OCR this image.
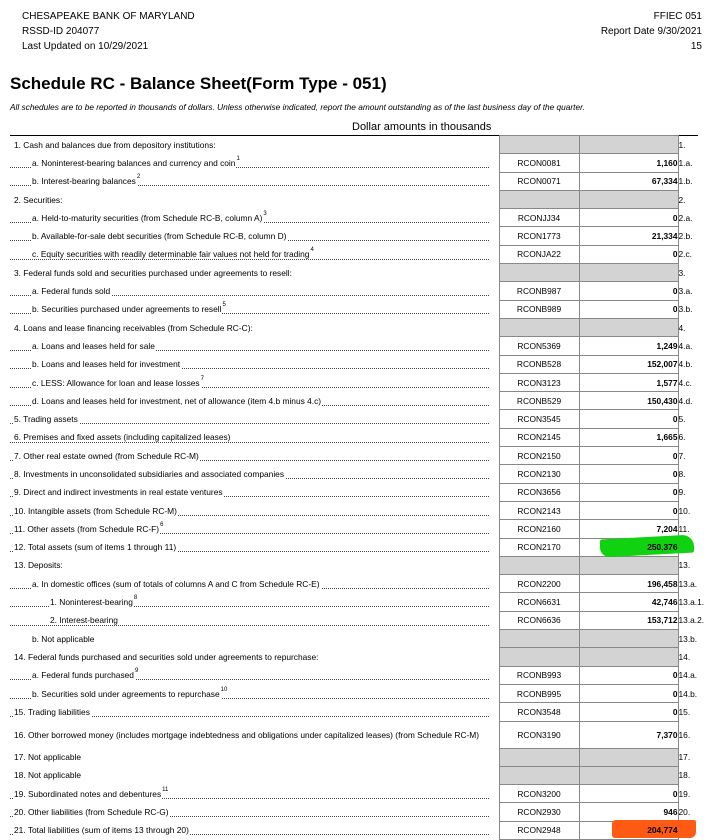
CHESAPEAKE BANK OF MARYLAND
RSSD-ID 204077
Last Updated on 10/29/2021
FFIEC 051
Report Date 9/30/2021
15
Schedule RC - Balance Sheet(Form Type - 051)

All schedules are to be reported in thousands of dollars. Unless otherwise indicated, report the amount outstanding as of the last business day of the quarter.

Dollar amounts in thousands
1. Cash and balances due from depository institutions:				1.

a. Noninterest-bearing balances and currency and coin$^1$		RCON0081	1,160	1.a.

b. Interest-bearing balances$^2$		RCON0071	67,334	1.b.
2. Securities:				2.

a. Held-to-maturity securities (from Schedule RC-B, column A)$^3$		RCONJJ34	0	2.a.

b. Available-for-sale debt securities (from Schedule RC-B, column D)		RCON1773	21,334	2.b.

c. Equity securities with readily determinable fair values not held for trading$^4$		RCONJA22	0	2.c.
3. Federal funds sold and securities purchased under agreements to resell:				3.

a. Federal funds sold		RCONB987	0	3.a.

b. Securities purchased under agreements to resell$^5$		RCONB989	0	3.b.
4. Loans and lease financing receivables (from Schedule RC-C):				4.

a. Loans and leases held for sale		RCON5369	1,249	4.a.

b. Loans and leases held for investment		RCONB528	152,007	4.b.

c. LESS: Allowance for loan and lease losses$^7$		RCON3123	1,577	4.c.

d. Loans and leases held for investment, net of allowance (item 4.b minus 4.c)		RCONB529	150,430	4.d.

5. Trading assets		RCON3545	0	5.

6. Premises and fixed assets (including capitalized leases)		RCON2145	1,665	6.

7. Other real estate owned (from Schedule RC-M)		RCON2150	0	7.

8. Investments in unconsolidated subsidiaries and associated companies		RCON2130	0	8.

9. Direct and indirect investments in real estate ventures		RCON3656	0	9.

10. Intangible assets (from Schedule RC-M)		RCON2143	0	10.

11. Other assets (from Schedule RC-F)$^6$		RCON2160	7,204	11.

12. Total assets (sum of items 1 through 11)		RCON2170	250,376	
13. Deposits:				13.

a. In domestic offices (sum of totals of columns A and C from Schedule RC-E)		RCON2200	196,458	13.a.

1. Noninterest-bearing$^8$		RCON6631	42,746	13.a.1.

2. Interest-bearing		RCON6636	153,712	13.a.2.
b. Not applicable				13.b.
14. Federal funds purchased and securities sold under agreements to repurchase:				14.

a. Federal funds purchased$^9$		RCONB993	0	14.a.

b. Securities sold under agreements to repurchase$^{10}$		RCONB995	0	14.b.

15. Trading liabilities		RCON3548	0	15.
16. Other borrowed money (includes mortgage indebtedness and obligations under capitalized leases) (from Schedule RC-M)		RCON3190	7,370	16.
17. Not applicable				17.
18. Not applicable				18.

19. Subordinated notes and debentures$^{11}$		RCON3200	0	19.

20. Other liabilities (from Schedule RC-G)		RCON2930	946	20.

21. Total liabilities (sum of items 13 through 20)		RCON2948	204,774	
